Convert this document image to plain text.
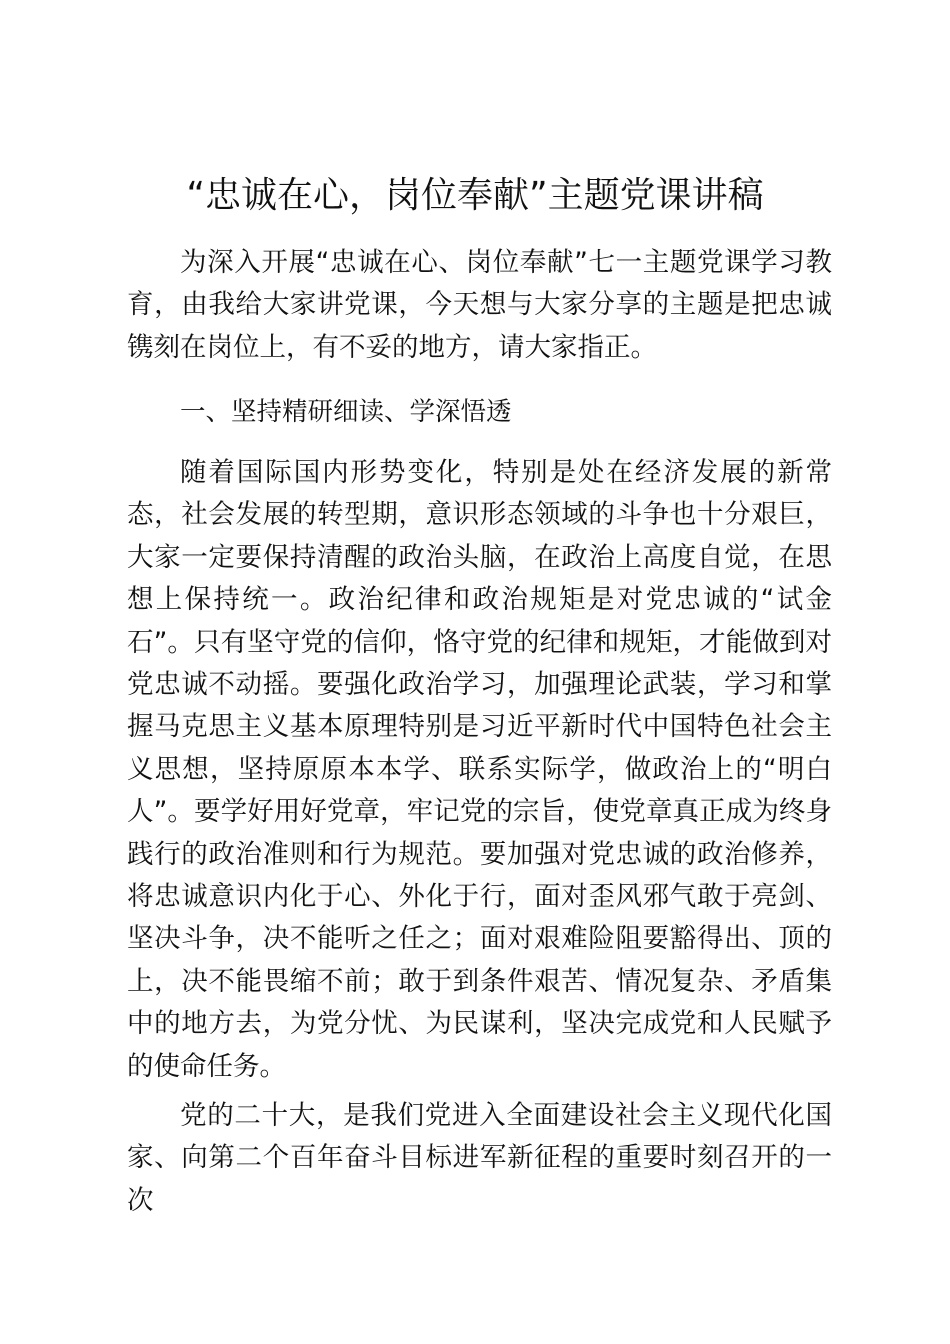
“忠诚在心，岗位奉献”主题党课讲稿

为深入开展“忠诚在心、岗位奉献”七一主题党课学习教育，由我给大家讲党课，今天想与大家分享的主题是把忠诚镌刻在岗位上，有不妥的地方，请大家指正。

一、坚持精研细读、学深悟透

随着国际国内形势变化，特别是处在经济发展的新常态，社会发展的转型期，意识形态领域的斗争也十分艰巨，大家一定要保持清醒的政治头脑，在政治上高度自觉，在思想上保持统一。政治纪律和政治规矩是对党忠诚的“试金石”。只有坚守党的信仰，恪守党的纪律和规矩，才能做到对党忠诚不动摇。要强化政治学习，加强理论武装，学习和掌握马克思主义基本原理特别是习近平新时代中国特色社会主义思想，坚持原原本本学、联系实际学，做政治上的“明白人”。要学好用好党章，牢记党的宗旨，使党章真正成为终身践行的政治准则和行为规范。要加强对党忠诚的政治修养，将忠诚意识内化于心、外化于行，面对歪风邪气敢于亮剑、坚决斗争，决不能听之任之；面对艰难险阻要豁得出、顶的上，决不能畏缩不前；敢于到条件艰苦、情况复杂、矛盾集中的地方去，为党分忧、为民谋利，坚决完成党和人民赋予的使命任务。

党的二十大，是我们党进入全面建设社会主义现代化国家、向第二个百年奋斗目标进军新征程的重要时刻召开的一次
